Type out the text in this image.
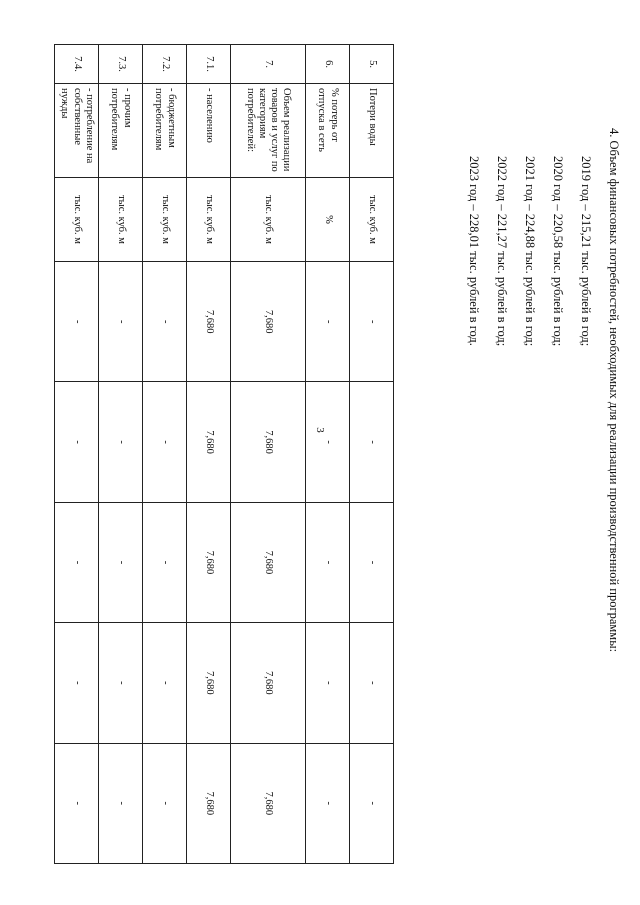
3
5.	Потери воды	тыс. куб. м	-	-	-	-	-
6.	% потерь от отпуска в сеть	%	-	-	-	-	-
7.	Объем реализации товаров и услуг по категориям потребителей:	тыс. куб. м	7,680	7,680	7,680	7,680	7,680
7.1.	- населению	тыс. куб. м	7,680	7,680	7,680	7,680	7,680
7.2.	- бюджетным потребителям	тыс. куб. м	-	-	-	-	-
7.3.	- прочим потребителям	тыс. куб. м	-	-	-	-	-
7.4.	- потребление на собственные нужды	тыс. куб. м	-	-	-	-	-
4. Объем финансовых потребностей, необходимых для реализации производственной программы:
2019 год – 215,21 тыс. рублей в год;
2020 год – 220,58 тыс. рублей в год;
2021 год – 224,88 тыс. рублей в год;
2022 год – 221,27 тыс. рублей в год;
2023 год – 228,01 тыс. рублей в год.
